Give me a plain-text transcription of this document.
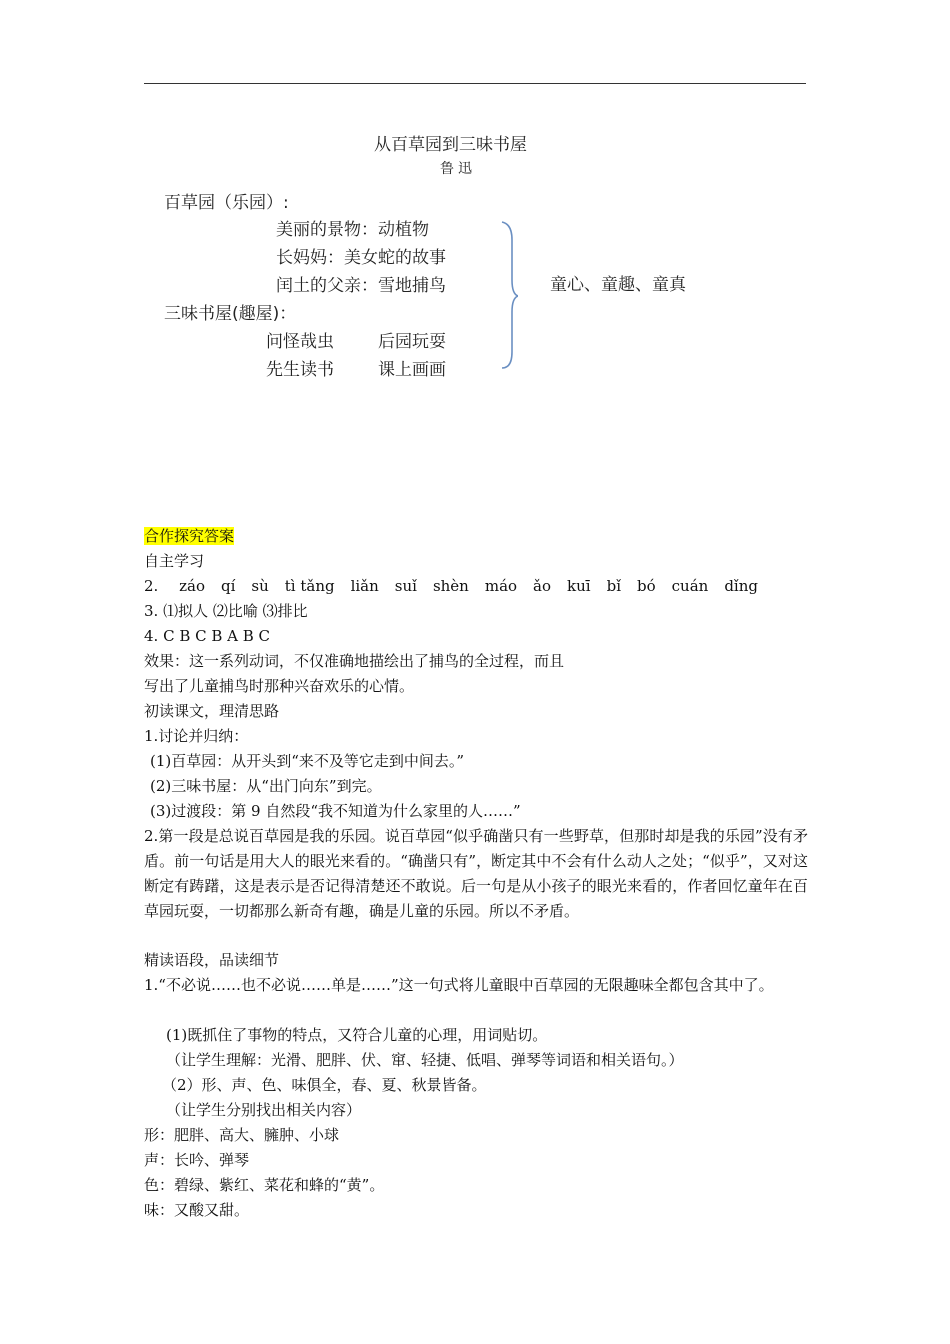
从百草园到三味书屋
鲁迅
百草园（乐园）:
美丽的景物：动植物
长妈妈：美女蛇的故事
闰土的父亲：雪地捕鸟
三味书屋(趣屋)：
问怪哉虫	后园玩耍
先生读书	课上画画
童心、童趣、童真
合作探究答案
自主学习
2. záo qí sù tì tǎng liǎn suǐ shèn máo ǎo kuī bǐ bó cuán dǐng
3. ⑴拟人 ⑵比喻 ⑶排比
4. C B C B A B C
效果：这一系列动词，不仅准确地描绘出了捕鸟的全过程，而且
写出了儿童捕鸟时那种兴奋欢乐的心情。
初读课文，理清思路
1.讨论并归纳：
(1)百草园：从开头到“来不及等它走到中间去。”
(2)三味书屋：从“出门向东”到完。
(3)过渡段：第 9 自然段“我不知道为什么家里的人……”
2.第一段是总说百草园是我的乐园。说百草园“似乎确凿只有一些野草，但那时却是我的乐园”没有矛盾。前一句话是用大人的眼光来看的。“确凿只有”，断定其中不会有什么动人之处；“似乎”，又对这断定有踌躇，这是表示是否记得清楚还不敢说。后一句是从小孩子的眼光来看的，作者回忆童年在百草园玩耍，一切都那么新奇有趣，确是儿童的乐园。所以不矛盾。
精读语段，品读细节
1.“不必说……也不必说……单是……”这一句式将儿童眼中百草园的无限趣味全都包含其中了。
(1)既抓住了事物的特点，又符合儿童的心理，用词贴切。
（让学生理解：光滑、肥胖、伏、窜、轻捷、低唱、弹琴等词语和相关语句。）
（2）形、声、色、味俱全，春、夏、秋景皆备。
（让学生分别找出相关内容）
形：肥胖、高大、臃肿、小球
声：长吟、弹琴
色：碧绿、紫红、菜花和蜂的“黄”。
味：又酸又甜。
